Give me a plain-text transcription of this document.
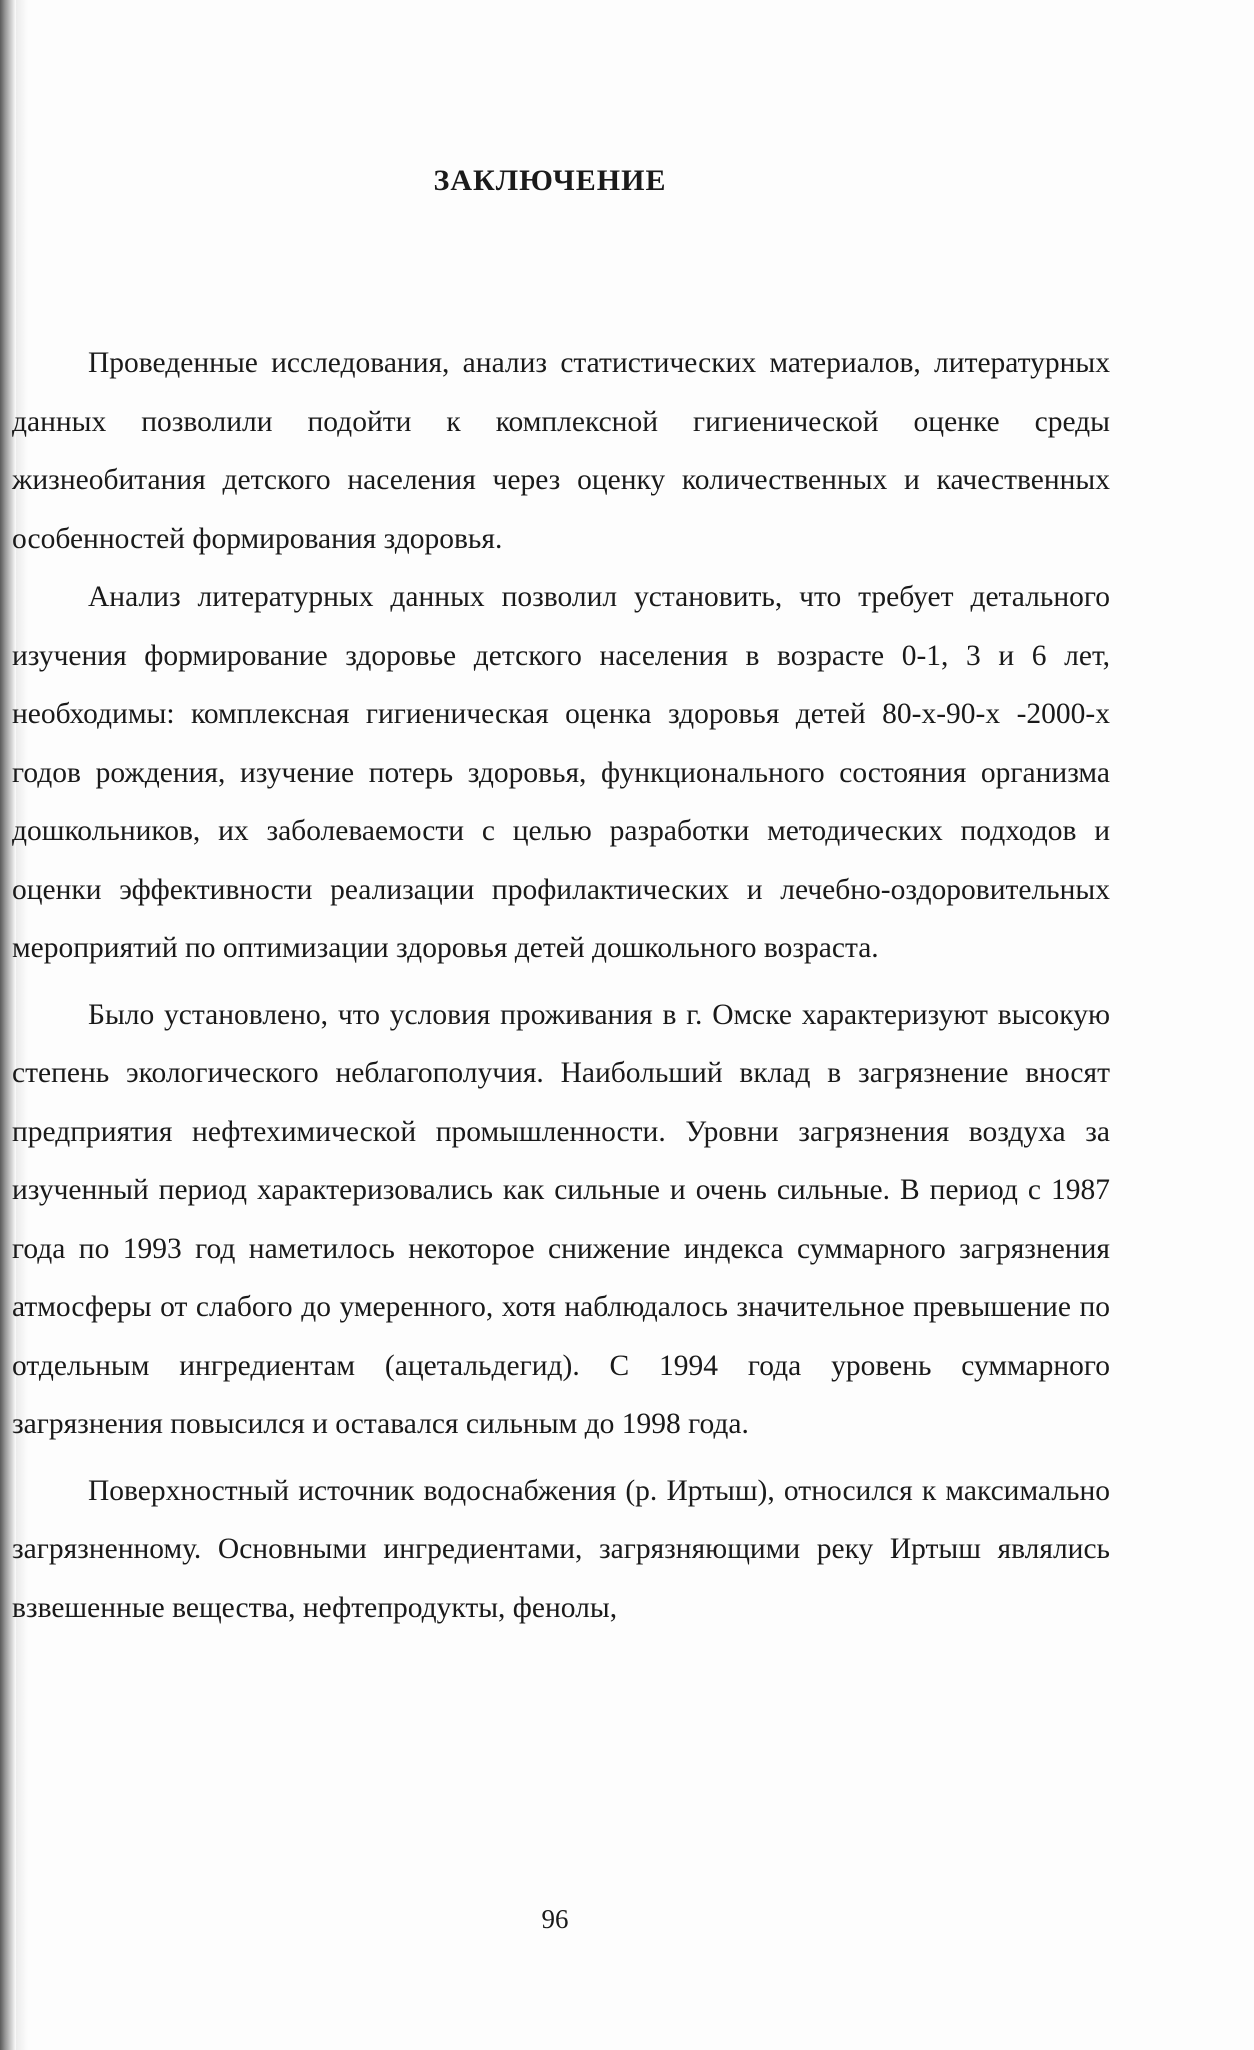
ЗАКЛЮЧЕНИЕ

Проведенные исследования, анализ статистических материалов, литературных данных позволили подойти к комплексной гигиенической оценке среды жизнеобитания детского населения через оценку количественных и качественных особенностей формирования здоровья.

Анализ литературных данных позволил установить, что требует детального изучения формирование здоровье детского населения в возрасте 0-1, 3 и 6 лет, необходимы: комплексная гигиеническая оценка здоровья детей 80-х-90-х -2000-х годов рождения, изучение потерь здоровья, функционального состояния организма дошкольников, их заболеваемости с целью разработки методических подходов и оценки эффективности реализации профилактических и лечебно-оздоровительных мероприятий по оптимизации здоровья детей дошкольного возраста.

Было установлено, что условия проживания в г. Омске характеризуют высокую степень экологического неблагополучия. Наибольший вклад в загрязнение вносят предприятия нефтехимической промышленности. Уровни загрязнения воздуха за изученный период характеризовались как сильные и очень сильные. В период с 1987 года по 1993 год наметилось некоторое снижение индекса суммарного загрязнения атмосферы от слабого до умеренного, хотя наблюдалось значительное превышение по отдельным ингредиентам (ацетальдегид). С 1994 года уровень суммарного загрязнения повысился и оставался сильным до 1998 года.

Поверхностный источник водоснабжения (р. Иртыш), относился к максимально загрязненному. Основными ингредиентами, загрязняющими реку Иртыш являлись взвешенные вещества, нефтепродукты, фенолы,

96
